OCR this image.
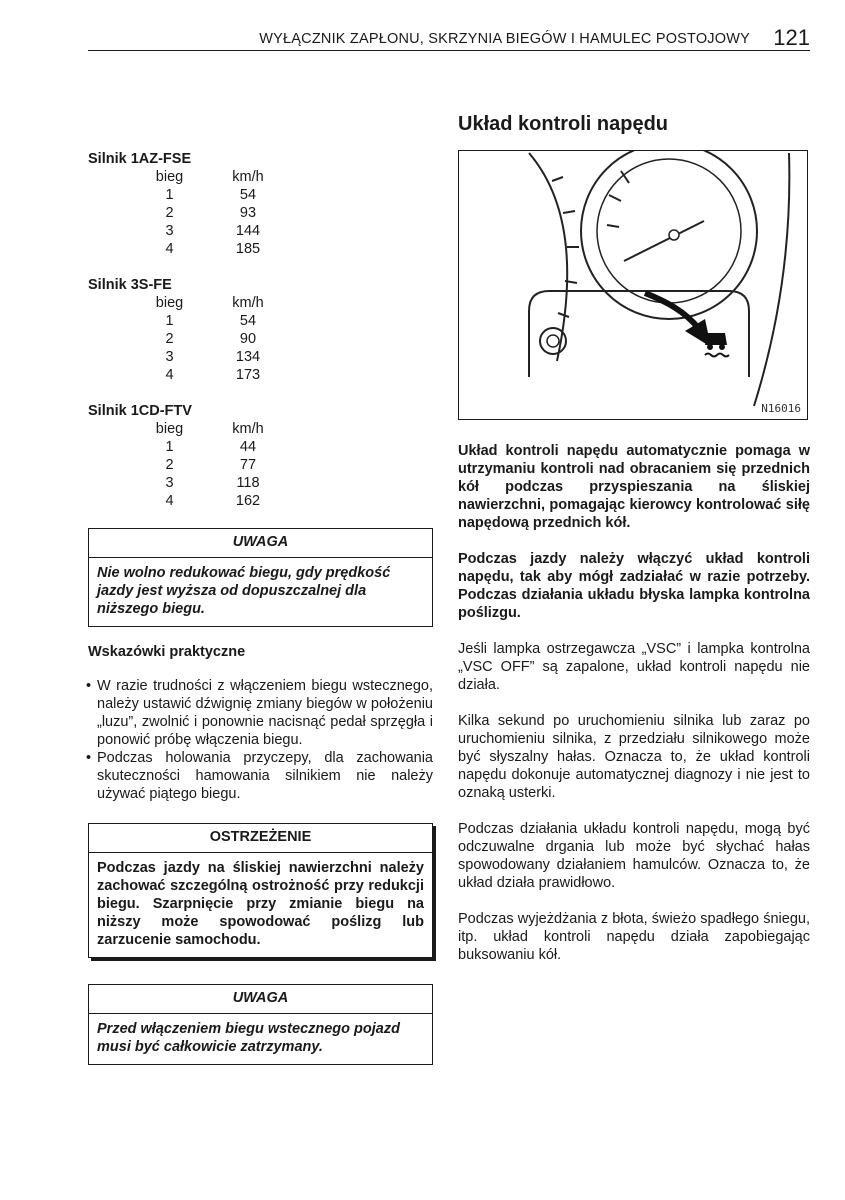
WYŁĄCZNIK ZAPŁONU, SKRZYNIA BIEGÓW I HAMULEC POSTOJOWY	121
Silnik 1AZ-FSE
bieg	km/h
1	54
2	93
3	144
4	185
Silnik 3S-FE
bieg	km/h
1	54
2	90
3	134
4	173
Silnik 1CD-FTV
bieg	km/h
1	44
2	77
3	118
4	162
UWAGA
Nie wolno redukować biegu, gdy prędkość jazdy jest wyższa od dopuszczalnej dla niższego biegu.
Wskazówki praktyczne
• W razie trudności z włączeniem biegu wstecznego, należy ustawić dźwignię zmiany biegów w położeniu „luzu”, zwolnić i ponownie nacisnąć pedał sprzęgła i ponowić próbę włączenia biegu.
• Podczas holowania przyczepy, dla zachowania skuteczności hamowania silnikiem nie należy używać piątego biegu.
OSTRZEŻENIE
Podczas jazdy na śliskiej nawierzchni należy zachować szczególną ostrożność przy redukcji biegu. Szarpnięcie przy zmianie biegu na niższy może spowodować poślizg lub zarzucenie samochodu.
UWAGA
Przed włączeniem biegu wstecznego pojazd musi być całkowicie zatrzymany.
Układ kontroli napędu
N16016

Układ kontroli napędu automatycznie pomaga w utrzymaniu kontroli nad obracaniem się przednich kół podczas przyspieszania na śliskiej nawierzchni, pomagając kierowcy kontrolować siłę napędową przednich kół.

Podczas jazdy należy włączyć układ kontroli napędu, tak aby mógł zadziałać w razie potrzeby. Podczas działania układu błyska lampka kontrolna poślizgu.

Jeśli lampka ostrzegawcza „VSC” i lampka kontrolna „VSC OFF” są zapalone, układ kontroli napędu nie działa.

Kilka sekund po uruchomieniu silnika lub zaraz po uruchomieniu silnika, z przedziału silnikowego może być słyszalny hałas. Oznacza to, że układ kontroli napędu dokonuje automatycznej diagnozy i nie jest to oznaką usterki.

Podczas działania układu kontroli napędu, mogą być odczuwalne drgania lub może być słychać hałas spowodowany działaniem hamulców. Oznacza to, że układ działa prawidłowo.

Podczas wyjeżdżania z błota, świeżo spadłego śniegu, itp. układ kontroli napędu działa zapobiegając buksowaniu kół.
